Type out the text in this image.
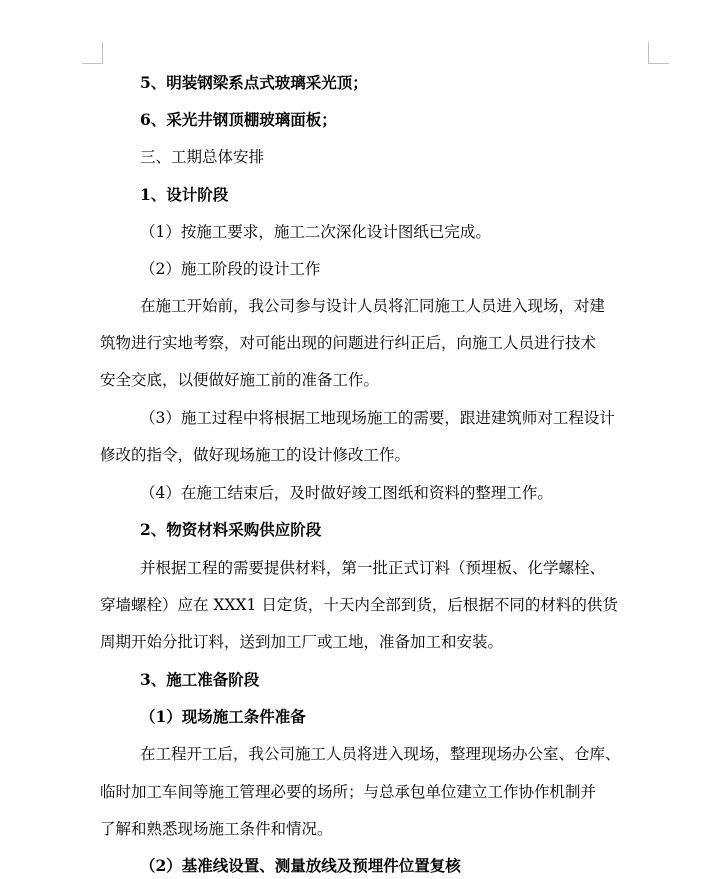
5、明装钢梁系点式玻璃采光顶；
6、采光井钢顶棚玻璃面板；
三、工期总体安排
1、设计阶段
（1）按施工要求，施工二次深化设计图纸已完成。
（2）施工阶段的设计工作
在施工开始前，我公司参与设计人员将汇同施工人员进入现场，对建
筑物进行实地考察，对可能出现的问题进行纠正后，向施工人员进行技术
安全交底，以便做好施工前的准备工作。
（3）施工过程中将根据工地现场施工的需要，跟进建筑师对工程设计
修改的指令，做好现场施工的设计修改工作。
（4）在施工结束后，及时做好竣工图纸和资料的整理工作。
2、物资材料采购供应阶段
并根据工程的需要提供材料，第一批正式订料（预埋板、化学螺栓、
穿墙螺栓）应在 XXX1 日定货，十天内全部到货，后根据不同的材料的供货
周期开始分批订料，送到加工厂或工地，准备加工和安装。
3、施工准备阶段
（1）现场施工条件准备
在工程开工后，我公司施工人员将进入现场，整理现场办公室、仓库、
临时加工车间等施工管理必要的场所；与总承包单位建立工作协作机制并
了解和熟悉现场施工条件和情况。
（2）基准线设置、测量放线及预埋件位置复核
